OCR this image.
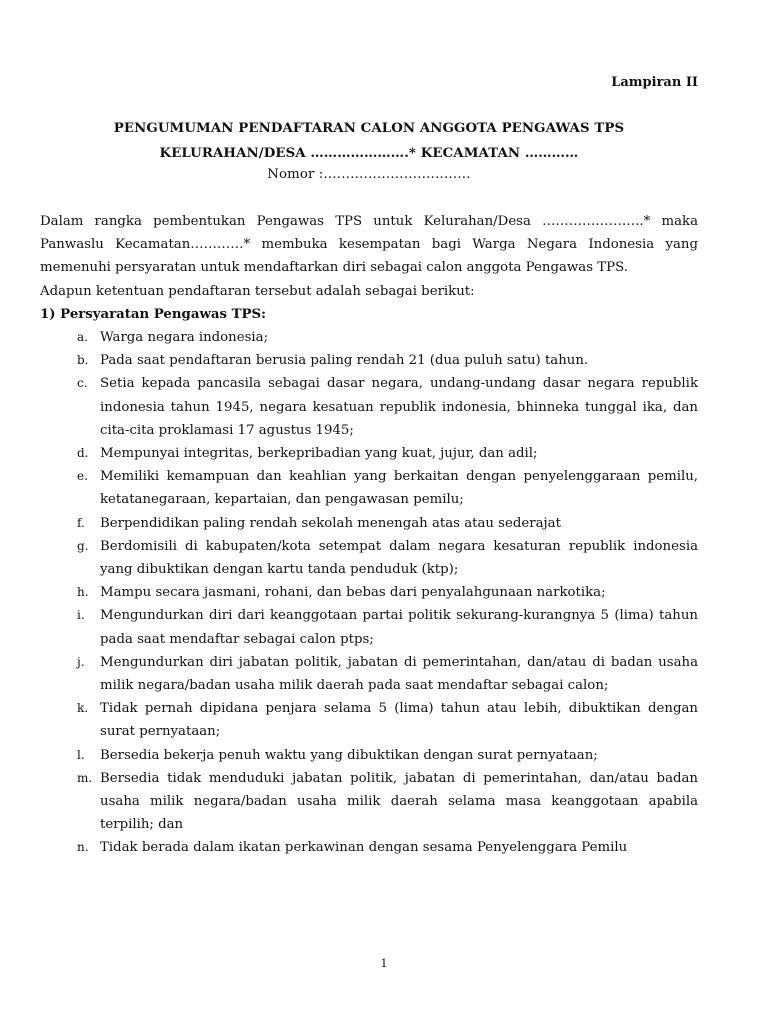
Lampiran II
PENGUMUMAN PENDAFTARAN CALON ANGGOTA PENGAWAS TPS
KELURAHAN/DESA ………………….* KECAMATAN …………
Nomor :……………………………

Dalam rangka pembentukan Pengawas TPS untuk Kelurahan/Desa …………………..* maka Panwaslu Kecamatan…………* membuka kesempatan bagi Warga Negara Indonesia yang memenuhi persyaratan untuk mendaftarkan diri sebagai calon anggota Pengawas TPS.

Adapun ketentuan pendaftaran tersebut adalah sebagai berikut:

1) Persyaratan Pengawas TPS:

a. Warga negara indonesia;
b. Pada saat pendaftaran berusia paling rendah 21 (dua puluh satu) tahun.
c. Setia kepada pancasila sebagai dasar negara, undang-undang dasar negara republik indonesia tahun 1945, negara kesatuan republik indonesia, bhinneka tunggal ika, dan cita-cita proklamasi 17 agustus 1945;
d. Mempunyai integritas, berkepribadian yang kuat, jujur, dan adil;
e. Memiliki kemampuan dan keahlian yang berkaitan dengan penyelenggaraan pemilu, ketatanegaraan, kepartaian, dan pengawasan pemilu;
f. Berpendidikan paling rendah sekolah menengah atas atau sederajat
g. Berdomisili di kabupaten/kota setempat dalam negara kesaturan republik indonesia yang dibuktikan dengan kartu tanda penduduk (ktp);
h. Mampu secara jasmani, rohani, dan bebas dari penyalahgunaan narkotika;
i. Mengundurkan diri dari keanggotaan partai politik sekurang-kurangnya 5 (lima) tahun pada saat mendaftar sebagai calon ptps;
j. Mengundurkan diri jabatan politik, jabatan di pemerintahan, dan/atau di badan usaha milik negara/badan usaha milik daerah pada saat mendaftar sebagai calon;
k. Tidak pernah dipidana penjara selama 5 (lima) tahun atau lebih, dibuktikan dengan surat pernyataan;
l. Bersedia bekerja penuh waktu yang dibuktikan dengan surat pernyataan;
m. Bersedia tidak menduduki jabatan politik, jabatan di pemerintahan, dan/atau badan usaha milik negara/badan usaha milik daerah selama masa keanggotaan apabila terpilih; dan
n. Tidak berada dalam ikatan perkawinan dengan sesama Penyelenggara Pemilu
1
